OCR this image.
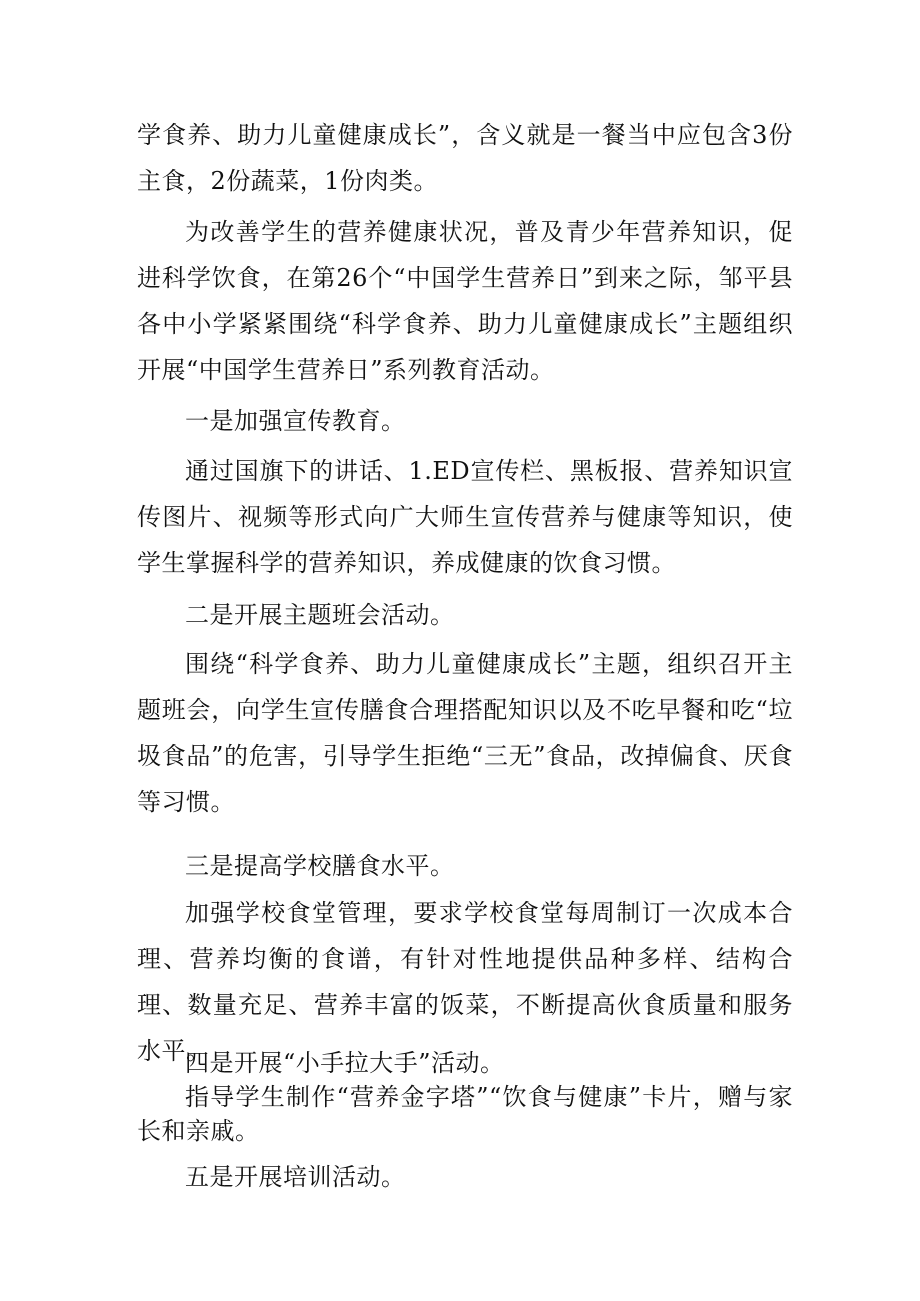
学食养、助力儿童健康成长”，含义就是一餐当中应包含3份主食，2份蔬菜，1份肉类。

为改善学生的营养健康状况，普及青少年营养知识，促进科学饮食，在第26个“中国学生营养日”到来之际，邹平县各中小学紧紧围绕“科学食养、助力儿童健康成长”主题组织开展“中国学生营养日”系列教育活动。

一是加强宣传教育。

通过国旗下的讲话、1.ED宣传栏、黑板报、营养知识宣传图片、视频等形式向广大师生宣传营养与健康等知识，使学生掌握科学的营养知识，养成健康的饮食习惯。

二是开展主题班会活动。

围绕“科学食养、助力儿童健康成长”主题，组织召开主题班会，向学生宣传膳食合理搭配知识以及不吃早餐和吃“垃圾食品”的危害，引导学生拒绝“三无”食品，改掉偏食、厌食等习惯。

三是提高学校膳食水平。

加强学校食堂管理，要求学校食堂每周制订一次成本合理、营养均衡的食谱，有针对性地提供品种多样、结构合理、数量充足、营养丰富的饭菜，不断提高伙食质量和服务水平。

四是开展“小手拉大手”活动。

指导学生制作“营养金字塔”“饮食与健康”卡片，赠与家长和亲戚。

五是开展培训活动。
